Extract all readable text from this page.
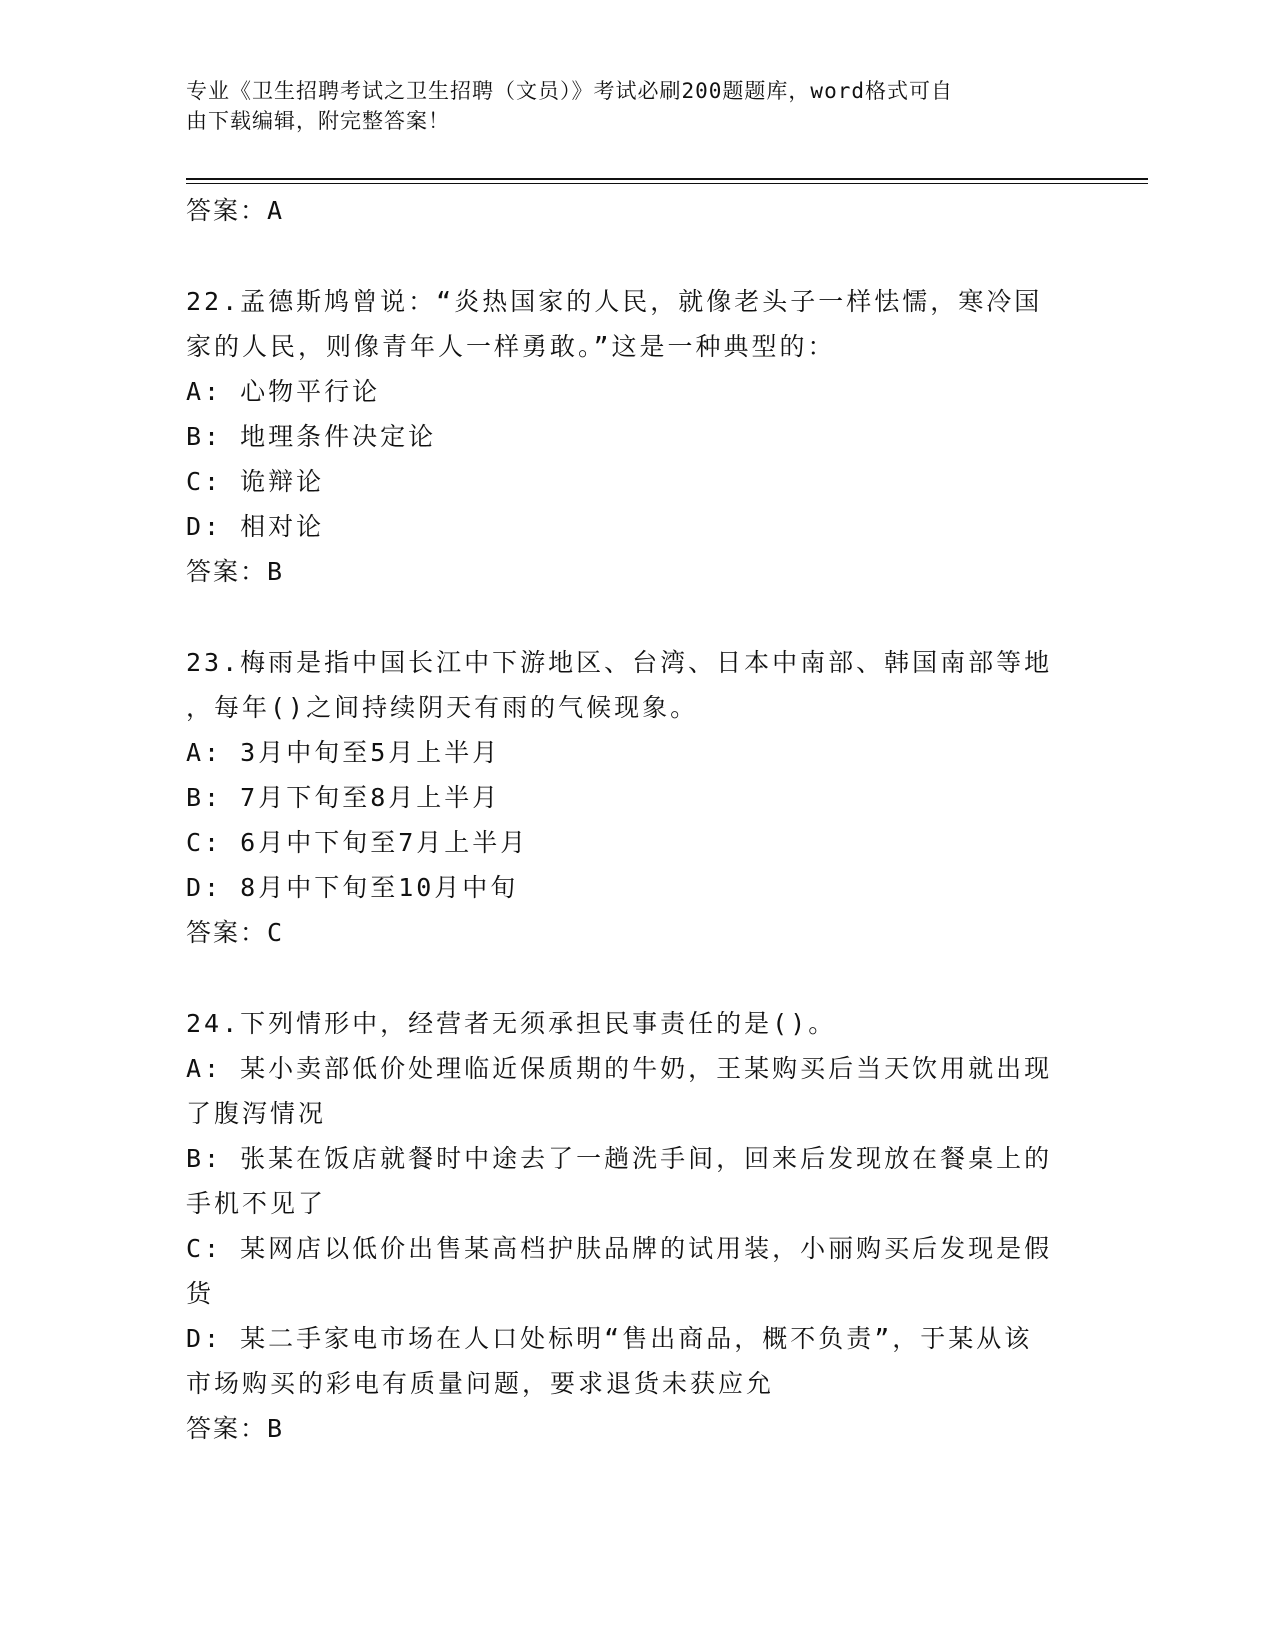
专业《卫生招聘考试之卫生招聘（文员）》考试必刷200题题库，word格式可自
由下载编辑，附完整答案！
答案：A
22.孟德斯鸠曾说：“炎热国家的人民，就像老头子一样怯懦，寒冷国
家的人民，则像青年人一样勇敢。”这是一种典型的：
A: 心物平行论
B: 地理条件决定论
C: 诡辩论
D: 相对论
答案：B
23.梅雨是指中国长江中下游地区、台湾、日本中南部、韩国南部等地
，每年()之间持续阴天有雨的气候现象。
A: 3月中旬至5月上半月
B: 7月下旬至8月上半月
C: 6月中下旬至7月上半月
D: 8月中下旬至10月中旬
答案：C
24.下列情形中，经营者无须承担民事责任的是()。
A: 某小卖部低价处理临近保质期的牛奶，王某购买后当天饮用就出现
了腹泻情况
B: 张某在饭店就餐时中途去了一趟洗手间，回来后发现放在餐桌上的
手机不见了
C: 某网店以低价出售某高档护肤品牌的试用装，小丽购买后发现是假
货
D: 某二手家电市场在人口处标明“售出商品，概不负责”，于某从该
市场购买的彩电有质量问题，要求退货未获应允
答案：B
